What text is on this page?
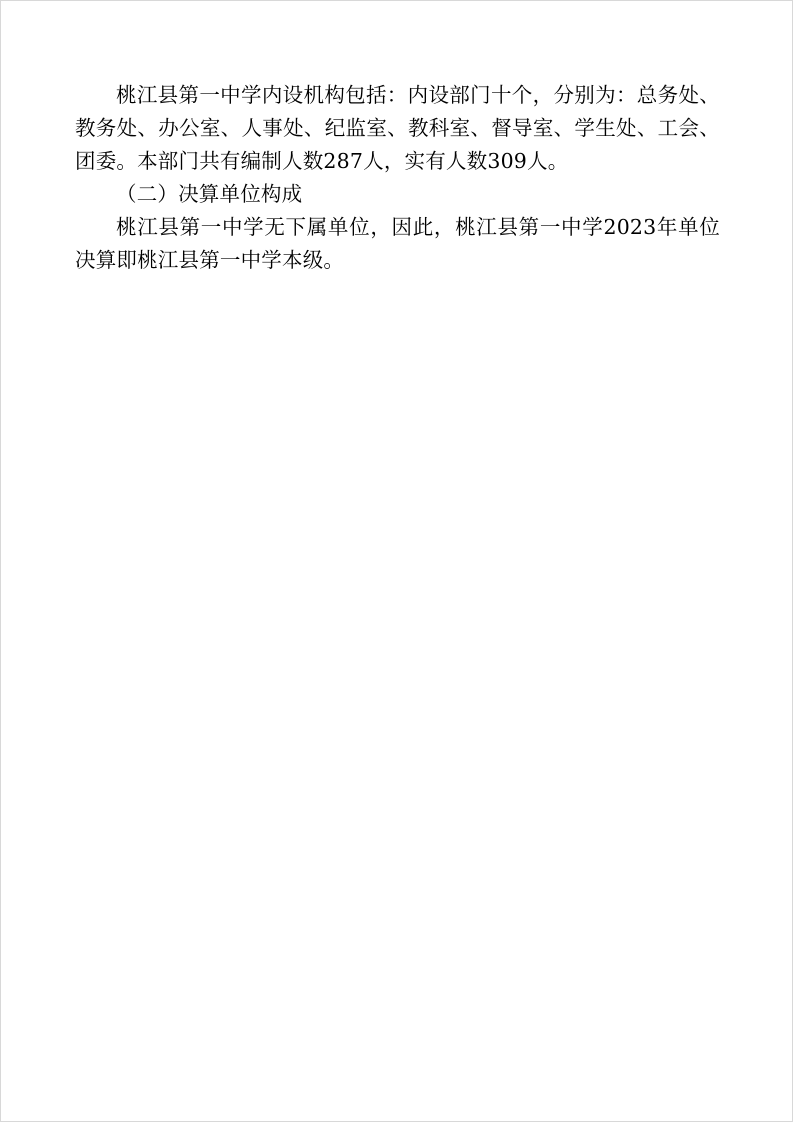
桃江县第一中学内设机构包括：内设部门十个，分别为：总务处、教务处、办公室、人事处、纪监室、教科室、督导室、学生处、工会、团委。本部门共有编制人数287人，实有人数309人。

（二）决算单位构成

桃江县第一中学无下属单位，因此，桃江县第一中学2023年单位决算即桃江县第一中学本级。
